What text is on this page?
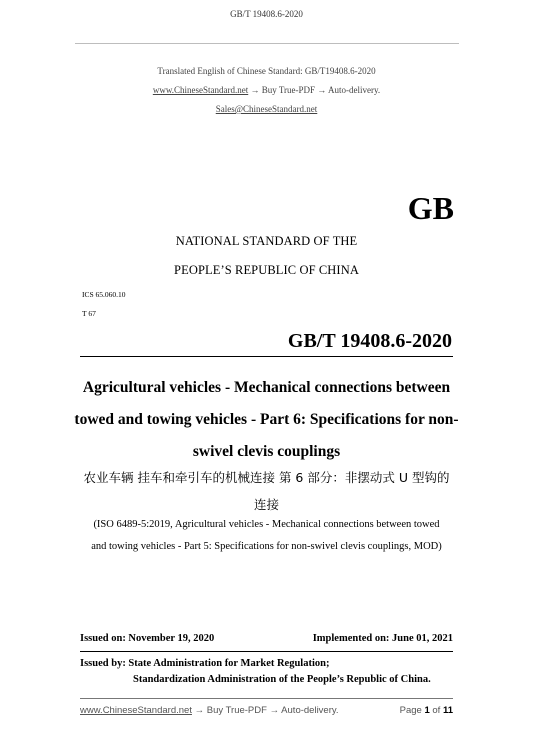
GB/T 19408.6-2020
Translated English of Chinese Standard: GB/T19408.6-2020
www.ChineseStandard.net → Buy True-PDF → Auto-delivery.
Sales@ChineseStandard.net
GB
NATIONAL STANDARD OF THE
PEOPLE’S REPUBLIC OF CHINA
ICS 65.060.10
T 67
GB/T 19408.6-2020
Agricultural vehicles - Mechanical connections between
towed and towing vehicles - Part 6: Specifications for non-
swivel clevis couplings
农业车辆 挂车和牵引车的机械连接 第 6 部分：非摆动式 U 型钩的
连接
(ISO 6489-5:2019, Agricultural vehicles - Mechanical connections between towed
and towing vehicles - Part 5: Specifications for non-swivel clevis couplings, MOD)
Issued on: November 19, 2020	Implemented on: June 01, 2021
Issued by: State Administration for Market Regulation;
Standardization Administration of the People’s Republic of China.
www.ChineseStandard.net → Buy True-PDF → Auto-delivery.	Page 1 of 11
